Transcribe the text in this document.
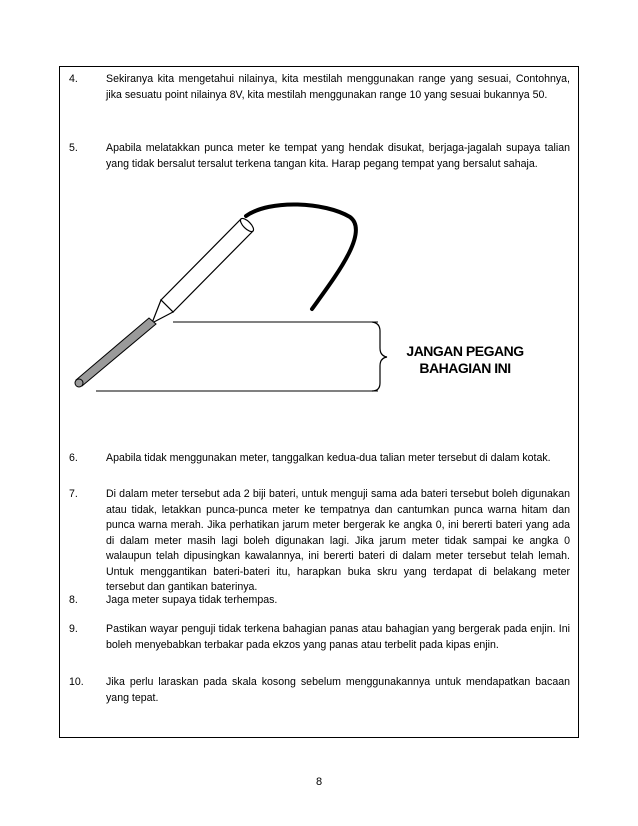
4.	Sekiranya kita mengetahui nilainya, kita mestilah menggunakan range yang sesuai, Contohnya, jika sesuatu point nilainya 8V, kita mestilah menggunakan range 10 yang sesuai bukannya 50.
5.	Apabila melatakkan punca meter ke tempat yang hendak disukat, berjaga-jagalah supaya talian yang tidak bersalut tersalut terkena tangan kita. Harap pegang tempat yang bersalut sahaja.
JANGAN PEGANG
BAHAGIAN INI
6.	Apabila tidak menggunakan meter, tanggalkan kedua-dua talian meter tersebut di dalam kotak.
7.	Di dalam meter tersebut ada 2 biji bateri, untuk menguji sama ada bateri tersebut boleh digunakan atau tidak, letakkan punca-punca meter ke tempatnya dan cantumkan punca warna hitam dan punca warna merah. Jika perhatikan jarum meter bergerak ke angka 0, ini bererti bateri yang ada di dalam meter masih lagi boleh digunakan lagi. Jika jarum meter tidak sampai ke angka 0 walaupun telah dipusingkan kawalannya, ini bererti bateri di dalam meter tersebut telah lemah. Untuk menggantikan bateri-bateri itu, harapkan buka skru yang terdapat di belakang meter tersebut dan gantikan baterinya.
8.	Jaga meter supaya tidak terhempas.
9.	Pastikan wayar penguji tidak terkena bahagian panas atau bahagian yang bergerak pada enjin. Ini boleh menyebabkan terbakar pada ekzos yang panas atau terbelit pada kipas enjin.
10. Jika perlu laraskan pada skala kosong sebelum menggunakannya untuk mendapatkan bacaan yang tepat.
8
